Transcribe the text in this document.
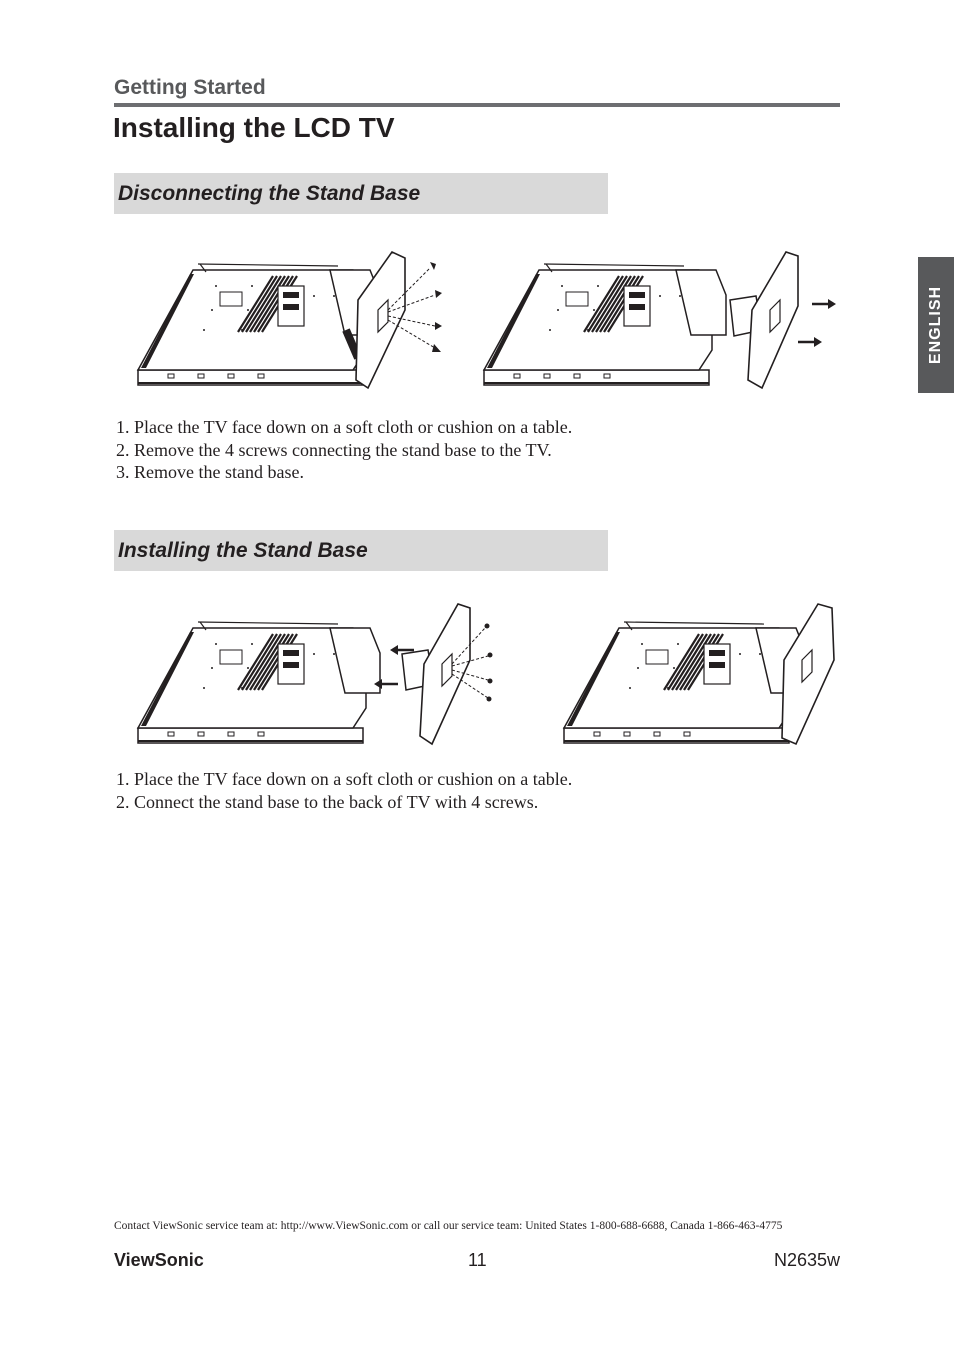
Getting Started
Installing the LCD TV
ENGLISH
Disconnecting the Stand Base
1. Place the TV face down on a soft cloth or cushion on a table.
2. Remove the 4 screws connecting the stand base to the TV.
3. Remove the stand base.
Installing the Stand Base
1. Place the TV face down on a soft cloth or cushion on a table.
2. Connect the stand base to the back of TV with 4 screws.
Contact ViewSonic service team at: http://www.ViewSonic.com or call our service team: United States 1-800-688-6688, Canada 1-866-463-4775
ViewSonic	11	N2635w
